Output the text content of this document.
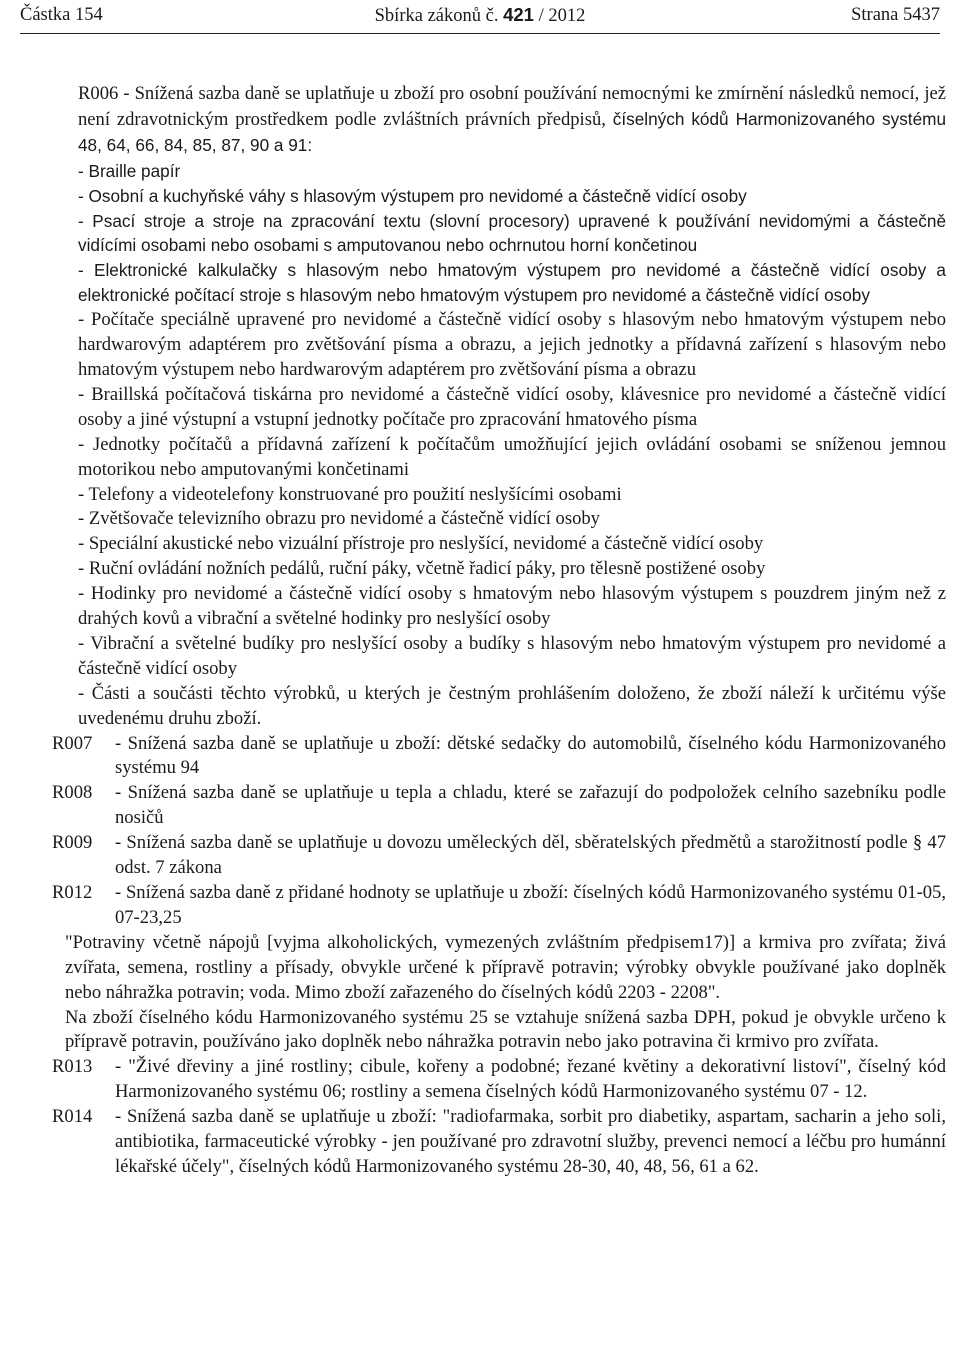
Částka 154	Sbírka zákonů č. 421 / 2012	Strana 5437

R006 - Snížená sazba daně se uplatňuje u zboží pro osobní používání nemocnými ke zmírnění následků nemocí, jež není zdravotnickým prostředkem podle zvláštních právních předpisů, číselných kódů Harmonizovaného systému 48, 64, 66, 84, 85, 87, 90 a 91:

- Braille papír

- Osobní a kuchyňské váhy s hlasovým výstupem pro nevidomé a částečně vidící osoby

- Psací stroje a stroje na zpracování textu (slovní procesory) upravené k používání nevidomými a částečně vidícími osobami nebo osobami s amputovanou nebo ochrnutou horní končetinou

- Elektronické kalkulačky s hlasovým nebo hmatovým výstupem pro nevidomé a částečně vidící osoby a elektronické počítací stroje s hlasovým nebo hmatovým výstupem pro nevidomé a částečně vidící osoby

- Počítače speciálně upravené pro nevidomé a částečně vidící osoby s hlasovým nebo hmatovým výstupem nebo hardwarovým adaptérem pro zvětšování písma a obrazu, a jejich jednotky a přídavná zařízení s hlasovým nebo hmatovým výstupem nebo hardwarovým adaptérem pro zvětšování písma a obrazu

- Braillská počítačová tiskárna pro nevidomé a částečně vidící osoby, klávesnice pro nevidomé a částečně vidící osoby a jiné výstupní a vstupní jednotky počítače pro zpracování hmatového písma

- Jednotky počítačů a přídavná zařízení k počítačům umožňující jejich ovládání osobami se sníženou jemnou motorikou nebo amputovanými končetinami

- Telefony a videotelefony konstruované pro použití neslyšícími osobami

- Zvětšovače televizního obrazu pro nevidomé a částečně vidící osoby

- Speciální akustické nebo vizuální přístroje pro neslyšící, nevidomé a částečně vidící osoby

- Ruční ovládání nožních pedálů, ruční páky, včetně řadicí páky, pro tělesně postižené osoby

- Hodinky pro nevidomé a částečně vidící osoby s hmatovým nebo hlasovým výstupem s pouzdrem jiným než z drahých kovů a vibrační a světelné hodinky pro neslyšící osoby

- Vibrační a světelné budíky pro neslyšící osoby a budíky s hlasovým nebo hmatovým výstupem pro nevidomé a částečně vidící osoby

- Části a součásti těchto výrobků, u kterých je čestným prohlášením doloženo, že zboží náleží k určitému výše uvedenému druhu zboží.

R007 - Snížená sazba daně se uplatňuje u zboží: dětské sedačky do automobilů, číselného kódu Harmonizovaného systému 94

R008 - Snížená sazba daně se uplatňuje u tepla a chladu, které se zařazují do podpoložek celního sazebníku podle nosičů

R009 - Snížená sazba daně se uplatňuje u dovozu uměleckých děl, sběratelských předmětů a starožitností podle § 47 odst. 7 zákona

R012 - Snížená sazba daně z přidané hodnoty se uplatňuje u zboží: číselných kódů Harmonizovaného systému 01-05, 07-23,25

"Potraviny včetně nápojů [vyjma alkoholických, vymezených zvláštním předpisem17)] a krmiva pro zvířata; živá zvířata, semena, rostliny a přísady, obvykle určené k přípravě potravin; výrobky obvykle používané jako doplněk nebo náhražka potravin; voda. Mimo zboží zařazeného do číselných kódů 2203 - 2208".

Na zboží číselného kódu Harmonizovaného systému 25 se vztahuje snížená sazba DPH, pokud je obvykle určeno k přípravě potravin, používáno jako doplněk nebo náhražka potravin nebo jako potravina či krmivo pro zvířata.

R013 - "Živé dřeviny a jiné rostliny; cibule, kořeny a podobné; řezané květiny a dekorativní listoví", číselný kód Harmonizovaného systému 06; rostliny a semena číselných kódů Harmonizovaného systému 07 - 12.

R014 - Snížená sazba daně se uplatňuje u zboží: "radiofarmaka, sorbit pro diabetiky, aspartam, sacharin a jeho soli, antibiotika, farmaceutické výrobky - jen používané pro zdravotní služby, prevenci nemocí a léčbu pro humánní lékařské účely", číselných kódů Harmonizovaného systému 28-30, 40, 48, 56, 61 a 62.
